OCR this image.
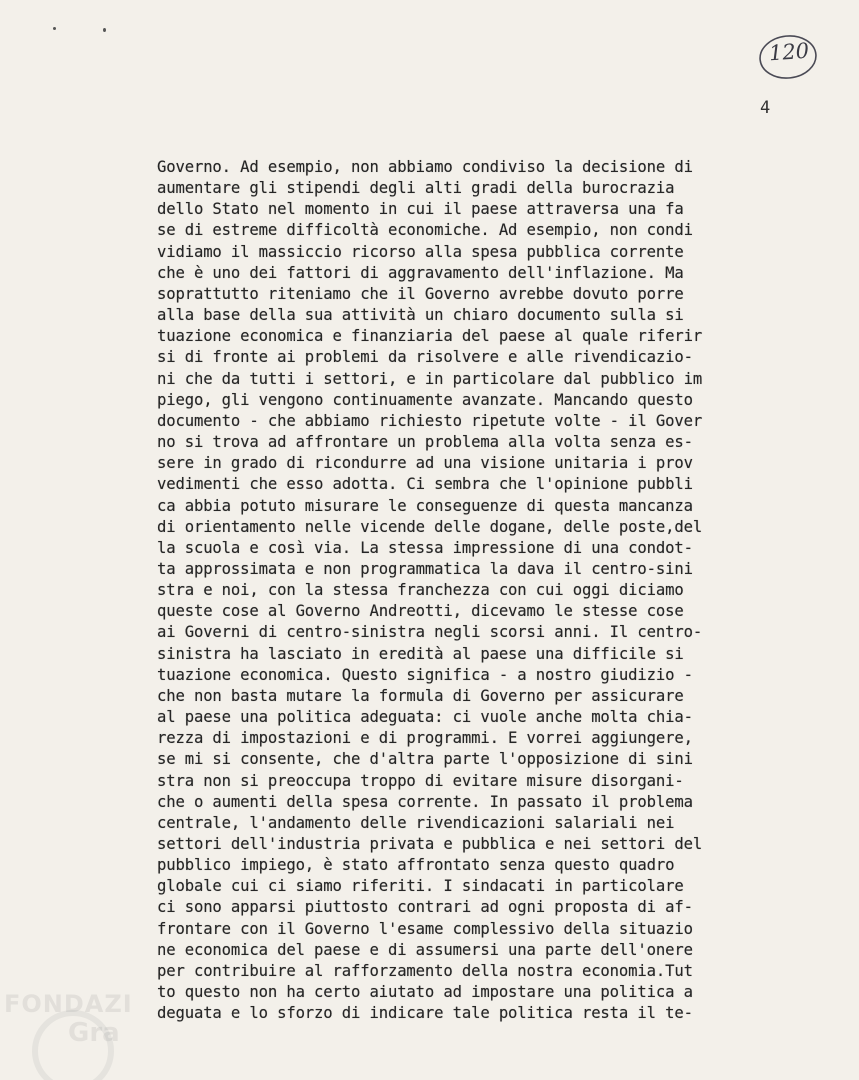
120
4
Governo. Ad esempio, non abbiamo condiviso la decisione di
aumentare gli stipendi degli alti gradi della burocrazia
dello Stato nel momento in cui il paese attraversa una fa
se di estreme difficoltà economiche. Ad esempio, non condi
vidiamo il massiccio ricorso alla spesa pubblica corrente
che è uno dei fattori di aggravamento dell'inflazione. Ma
soprattutto riteniamo che il Governo avrebbe dovuto porre
alla base della sua attività un chiaro documento sulla si
tuazione economica e finanziaria del paese al quale riferir
si di fronte ai problemi da risolvere e alle rivendicazio-
ni che da tutti i settori, e in particolare dal pubblico im
piego, gli vengono continuamente avanzate. Mancando questo
documento - che abbiamo richiesto ripetute volte - il Gover
no si trova ad affrontare un problema alla volta senza es-
sere in grado di ricondurre ad una visione unitaria i prov
vedimenti che esso adotta. Ci sembra che l'opinione pubbli
ca abbia potuto misurare le conseguenze di questa mancanza
di orientamento nelle vicende delle dogane, delle poste,del
la scuola e così via. La stessa impressione di una condot-
ta approssimata e non programmatica la dava il centro-sini
stra e noi, con la stessa franchezza con cui oggi diciamo
queste cose al Governo Andreotti, dicevamo le stesse cose
ai Governi di centro-sinistra negli scorsi anni. Il centro-
sinistra ha lasciato in eredità al paese una difficile si
tuazione economica. Questo significa - a nostro giudizio -
che non basta mutare la formula di Governo per assicurare
al paese una politica adeguata: ci vuole anche molta chia-
rezza di impostazioni e di programmi. E vorrei aggiungere,
se mi si consente, che d'altra parte l'opposizione di sini
stra non si preoccupa troppo di evitare misure disorgani-
che o aumenti della spesa corrente. In passato il problema
centrale, l'andamento delle rivendicazioni salariali nei
settori dell'industria privata e pubblica e nei settori del
pubblico impiego, è stato affrontato senza questo quadro
globale cui ci siamo riferiti. I sindacati in particolare
ci sono apparsi piuttosto contrari ad ogni proposta di af-
frontare con il Governo l'esame complessivo della situazio
ne economica del paese e di assumersi una parte dell'onere
per contribuire al rafforzamento della nostra economia.Tut
to questo non ha certo aiutato ad impostare una politica a
deguata e lo sforzo di indicare tale politica resta il te-
FONDAZI
Gra
